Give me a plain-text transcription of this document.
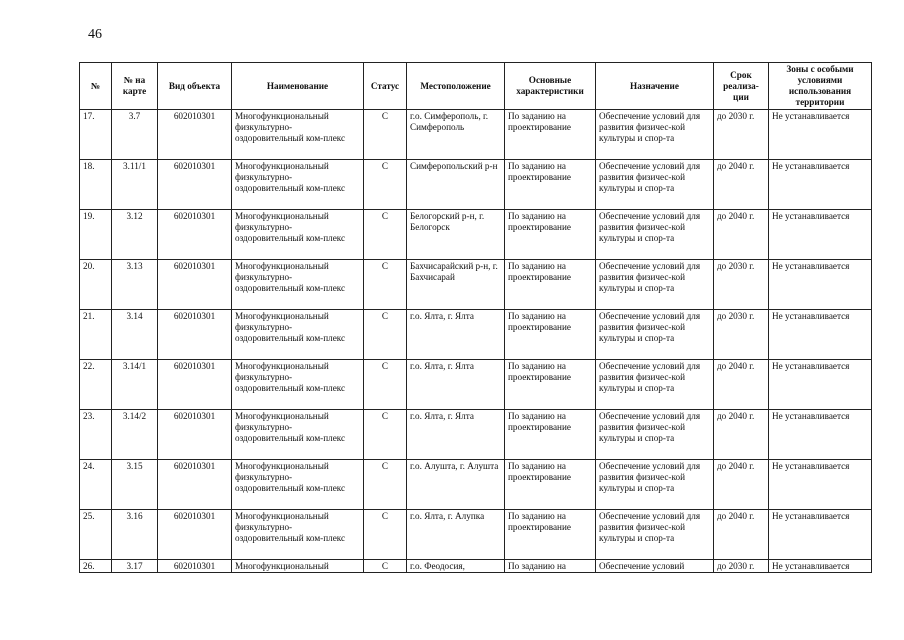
46
№	№ на карте	Вид объекта	Наименование	Статус	Местоположение	Основные характеристики	Назначение	Срок реализа-ции	Зоны с особыми условиями использования территории
17.	3.7	602010301	Многофункциональный физкультурно-оздоровительный ком-плекс	С	г.о. Симферополь, г. Симферополь	По заданию на проектирование	Обеспечение условий для развития физичес-кой культуры и спор-та	до 2030 г.	Не устанавливается
18.	3.11/1	602010301	Многофункциональный физкультурно-оздоровительный ком-плекс	С	Симферопольский р-н	По заданию на проектирование	Обеспечение условий для развития физичес-кой культуры и спор-та	до 2040 г.	Не устанавливается
19.	3.12	602010301	Многофункциональный физкультурно-оздоровительный ком-плекс	С	Белогорский р-н, г. Белогорск	По заданию на проектирование	Обеспечение условий для развития физичес-кой культуры и спор-та	до 2040 г.	Не устанавливается
20.	3.13	602010301	Многофункциональный физкультурно-оздоровительный ком-плекс	С	Бахчисарайский р-н, г. Бахчисарай	По заданию на проектирование	Обеспечение условий для развития физичес-кой культуры и спор-та	до 2030 г.	Не устанавливается
21.	3.14	602010301	Многофункциональный физкультурно-оздоровительный ком-плекс	С	г.о. Ялта, г. Ялта	По заданию на проектирование	Обеспечение условий для развития физичес-кой культуры и спор-та	до 2030 г.	Не устанавливается
22.	3.14/1	602010301	Многофункциональный физкультурно-оздоровительный ком-плекс	С	г.о. Ялта, г. Ялта	По заданию на проектирование	Обеспечение условий для развития физичес-кой культуры и спор-та	до 2040 г.	Не устанавливается
23.	3.14/2	602010301	Многофункциональный физкультурно-оздоровительный ком-плекс	С	г.о. Ялта, г. Ялта	По заданию на проектирование	Обеспечение условий для развития физичес-кой культуры и спор-та	до 2040 г.	Не устанавливается
24.	3.15	602010301	Многофункциональный физкультурно-оздоровительный ком-плекс	С	г.о. Алушта, г. Алушта	По заданию на проектирование	Обеспечение условий для развития физичес-кой культуры и спор-та	до 2040 г.	Не устанавливается
25.	3.16	602010301	Многофункциональный физкультурно-оздоровительный ком-плекс	С	г.о. Ялта, г. Алупка	По заданию на проектирование	Обеспечение условий для развития физичес-кой культуры и спор-та	до 2040 г.	Не устанавливается
26.	3.17	602010301	Многофункциональный	С	г.о. Феодосия,	По заданию на	Обеспечение условий	до 2030 г.	Не устанавливается
